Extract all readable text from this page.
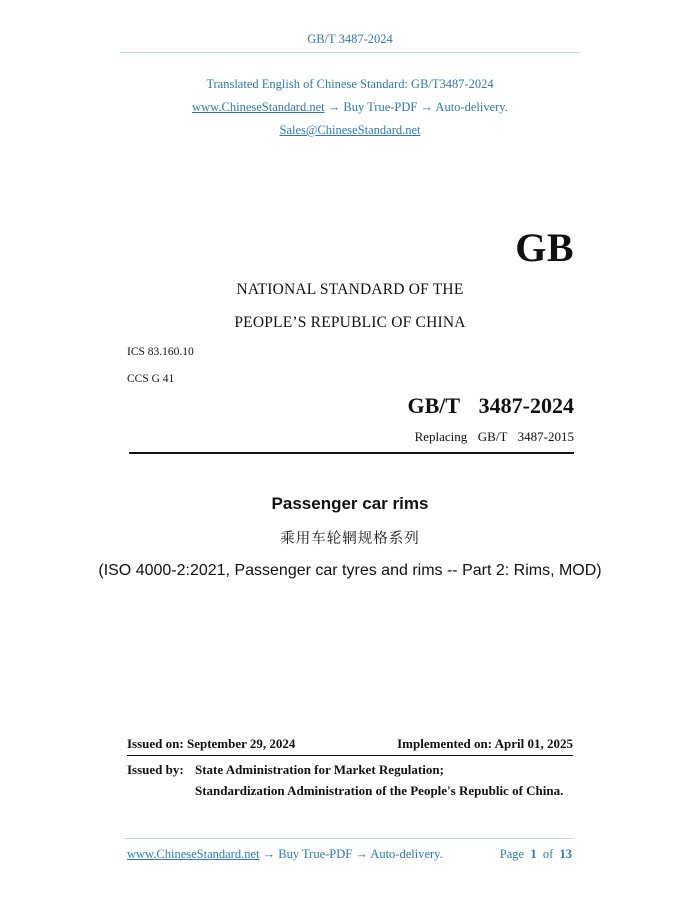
GB/T 3487-2024
Translated English of Chinese Standard: GB/T3487-2024
www.ChineseStandard.net → Buy True-PDF → Auto-delivery.
Sales@ChineseStandard.net
GB
NATIONAL STANDARD OF THE
PEOPLE’S REPUBLIC OF CHINA
ICS 83.160.10
CCS G 41
GB/T  3487-2024
Replacing  GB/T  3487-2015
Passenger car rims
乘用车轮辋规格系列
(ISO 4000-2:2021, Passenger car tyres and rims -- Part 2: Rims, MOD)
Issued on: September 29, 2024	Implemented on: April 01, 2025
Issued by: State Administration for Market Regulation;
Standardization Administration of the People's Republic of China.
www.ChineseStandard.net → Buy True-PDF → Auto-delivery.	Page 1 of 13
